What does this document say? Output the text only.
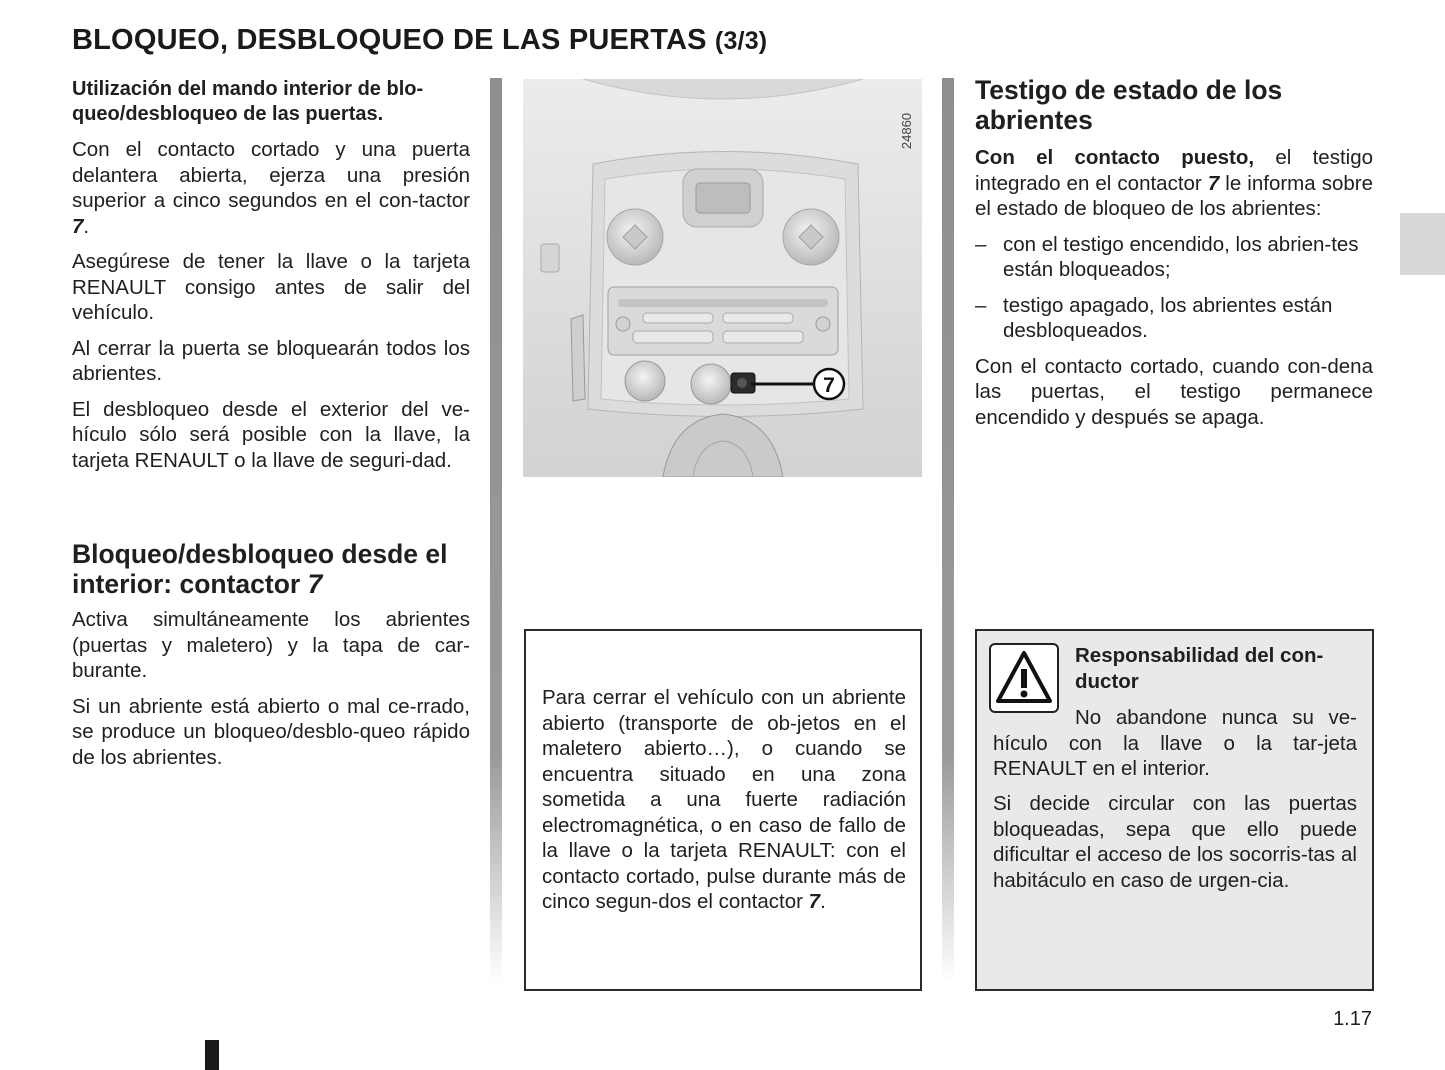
BLOQUEO, DESBLOQUEO DE LAS PUERTAS (3/3)

Utilización del mando interior de blo-queo/desbloqueo de las puertas.

Con el contacto cortado y una puerta delantera abierta, ejerza una presión superior a cinco segundos en el con-tactor 7.

Asegúrese de tener la llave o la tarjeta RENAULT consigo antes de salir del vehículo.

Al cerrar la puerta se bloquearán todos los abrientes.

El desbloqueo desde el exterior del ve-hículo sólo será posible con la llave, la tarjeta RENAULT o la llave de seguri-dad.

Bloqueo/desbloqueo desde el interior: contactor 7

Activa simultáneamente los abrientes (puertas y maletero) y la tapa de car-burante.

Si un abriente está abierto o mal ce-rrado, se produce un bloqueo/desblo-queo rápido de los abrientes.

7
24860

Para cerrar el vehículo con un abriente abierto (transporte de ob-jetos en el maletero abierto…), o cuando se encuentra situado en una zona sometida a una fuerte radiación electromagnética, o en caso de fallo de la llave o la tarjeta RENAULT: con el contacto cortado, pulse durante más de cinco segun-dos el contactor 7.

Testigo de estado de los abrientes

Con el contacto puesto, el testigo integrado en el contactor 7 le informa sobre el estado de bloqueo de los abrientes:

– con el testigo encendido, los abrien-tes están bloqueados;
– testigo apagado, los abrientes están desbloqueados.

Con el contacto cortado, cuando con-dena las puertas, el testigo permanece encendido y después se apaga.

Responsabilidad del con-ductor

No abandone nunca su ve-hículo con la llave o la tar-jeta RENAULT en el interior.

Si decide circular con las puertas bloqueadas, sepa que ello puede dificultar el acceso de los socorris-tas al habitáculo en caso de urgen-cia.

1.17
